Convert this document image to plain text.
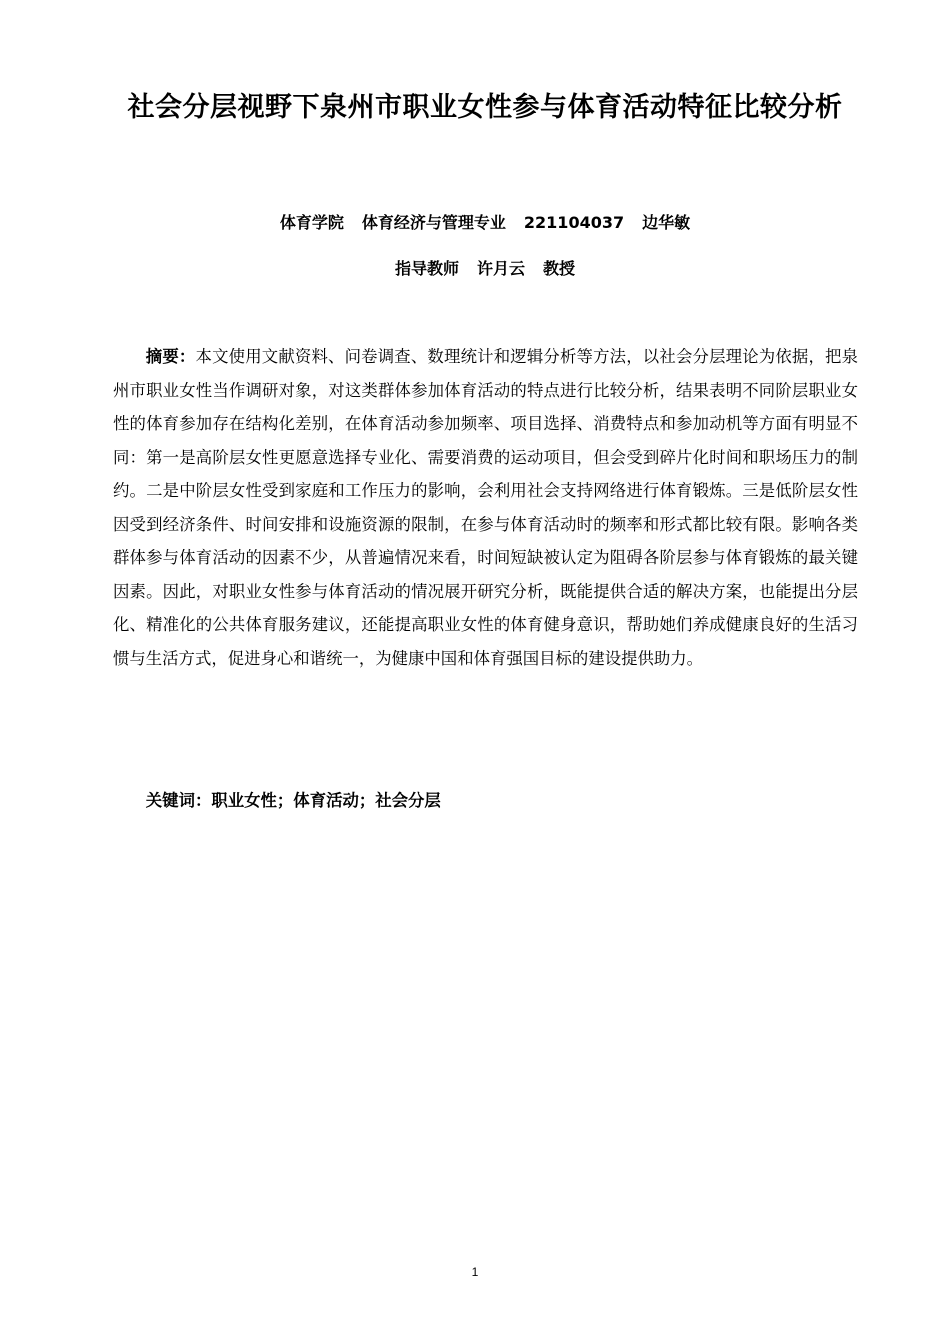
社会分层视野下泉州市职业女性参与体育活动特征比较分析
体育学院 体育经济与管理专业 221104037 边华敏
指导教师 许月云 教授

摘要：本文使用文献资料、问卷调查、数理统计和逻辑分析等方法，以社会分层理论为依据，把泉州市职业女性当作调研对象，对这类群体参加体育活动的特点进行比较分析，结果表明不同阶层职业女性的体育参加存在结构化差别，在体育活动参加频率、项目选择、消费特点和参加动机等方面有明显不同：第一是高阶层女性更愿意选择专业化、需要消费的运动项目，但会受到碎片化时间和职场压力的制约。二是中阶层女性受到家庭和工作压力的影响，会利用社会支持网络进行体育锻炼。三是低阶层女性因受到经济条件、时间安排和设施资源的限制，在参与体育活动时的频率和形式都比较有限。影响各类群体参与体育活动的因素不少，从普遍情况来看，时间短缺被认定为阻碍各阶层参与体育锻炼的最关键因素。因此，对职业女性参与体育活动的情况展开研究分析，既能提供合适的解决方案，也能提出分层化、精准化的公共体育服务建议，还能提高职业女性的体育健身意识，帮助她们养成健康良好的生活习惯与生活方式，促进身心和谐统一，为健康中国和体育强国目标的建设提供助力。

关键词：职业女性；体育活动；社会分层

1
